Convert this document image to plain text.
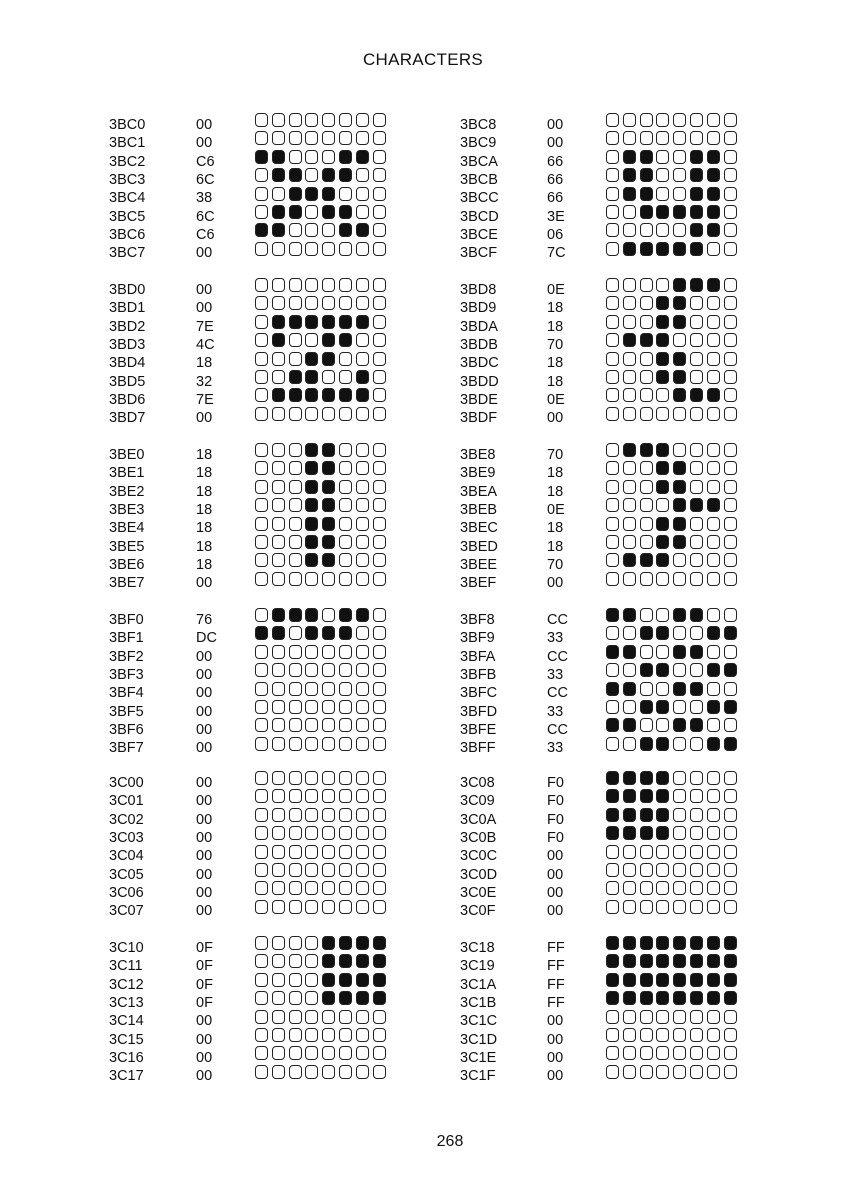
CHARACTERS
3BC0	00
3BC1	00
3BC2	C6
3BC3	6C
3BC4	38
3BC5	6C
3BC6	C6
3BC7	00
3BC8	00
3BC9	00
3BCA	66
3BCB	66
3BCC	66
3BCD	3E
3BCE	06
3BCF	7C
3BD0	00
3BD1	00
3BD2	7E
3BD3	4C
3BD4	18
3BD5	32
3BD6	7E
3BD7	00
3BD8	0E
3BD9	18
3BDA	18
3BDB	70
3BDC	18
3BDD	18
3BDE	0E
3BDF	00
3BE0	18
3BE1	18
3BE2	18
3BE3	18
3BE4	18
3BE5	18
3BE6	18
3BE7	00
3BE8	70
3BE9	18
3BEA	18
3BEB	0E
3BEC	18
3BED	18
3BEE	70
3BEF	00
3BF0	76
3BF1	DC
3BF2	00
3BF3	00
3BF4	00
3BF5	00
3BF6	00
3BF7	00
3BF8	CC
3BF9	33
3BFA	CC
3BFB	33
3BFC	CC
3BFD	33
3BFE	CC
3BFF	33
3C00	00
3C01	00
3C02	00
3C03	00
3C04	00
3C05	00
3C06	00
3C07	00
3C08	F0
3C09	F0
3C0A	F0
3C0B	F0
3C0C	00
3C0D	00
3C0E	00
3C0F	00
3C10	0F
3C11	0F
3C12	0F
3C13	0F
3C14	00
3C15	00
3C16	00
3C17	00
3C18	FF
3C19	FF
3C1A	FF
3C1B	FF
3C1C	00
3C1D	00
3C1E	00
3C1F	00
268
